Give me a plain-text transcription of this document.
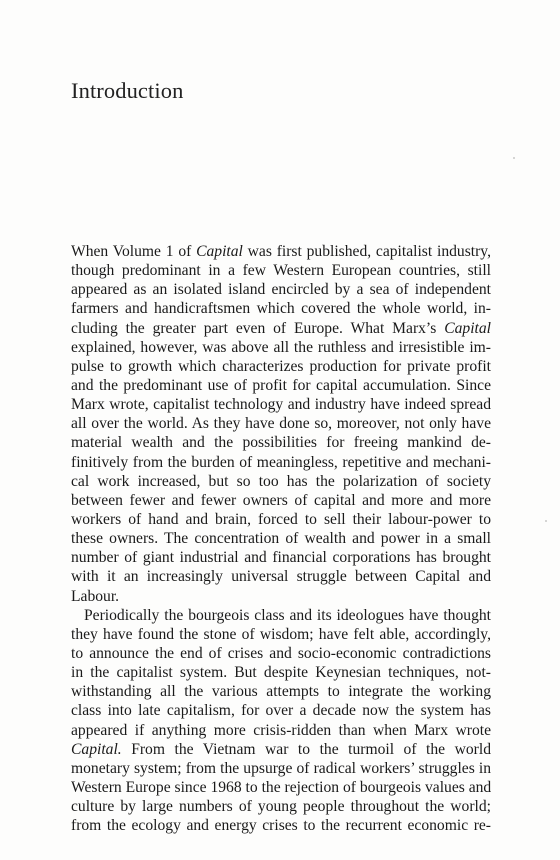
Introduction
When Volume 1 of Capital was first published, capitalist industry,
though predominant in a few Western European countries, still
appeared as an isolated island encircled by a sea of independent
farmers and handicraftsmen which covered the whole world, in-
cluding the greater part even of Europe. What Marx’s Capital
explained, however, was above all the ruthless and irresistible im-
pulse to growth which characterizes production for private profit
and the predominant use of profit for capital accumulation. Since
Marx wrote, capitalist technology and industry have indeed spread
all over the world. As they have done so, moreover, not only have
material wealth and the possibilities for freeing mankind de-
finitively from the burden of meaningless, repetitive and mechani-
cal work increased, but so too has the polarization of society
between fewer and fewer owners of capital and more and more
workers of hand and brain, forced to sell their labour-power to
these owners. The concentration of wealth and power in a small
number of giant industrial and financial corporations has brought
with it an increasingly universal struggle between Capital and
Labour.
Periodically the bourgeois class and its ideologues have thought
they have found the stone of wisdom; have felt able, accordingly,
to announce the end of crises and socio-economic contradictions
in the capitalist system. But despite Keynesian techniques, not-
withstanding all the various attempts to integrate the working
class into late capitalism, for over a decade now the system has
appeared if anything more crisis-ridden than when Marx wrote
Capital. From the Vietnam war to the turmoil of the world
monetary system; from the upsurge of radical workers’ struggles in
Western Europe since 1968 to the rejection of bourgeois values and
culture by large numbers of young people throughout the world;
from the ecology and energy crises to the recurrent economic re-
